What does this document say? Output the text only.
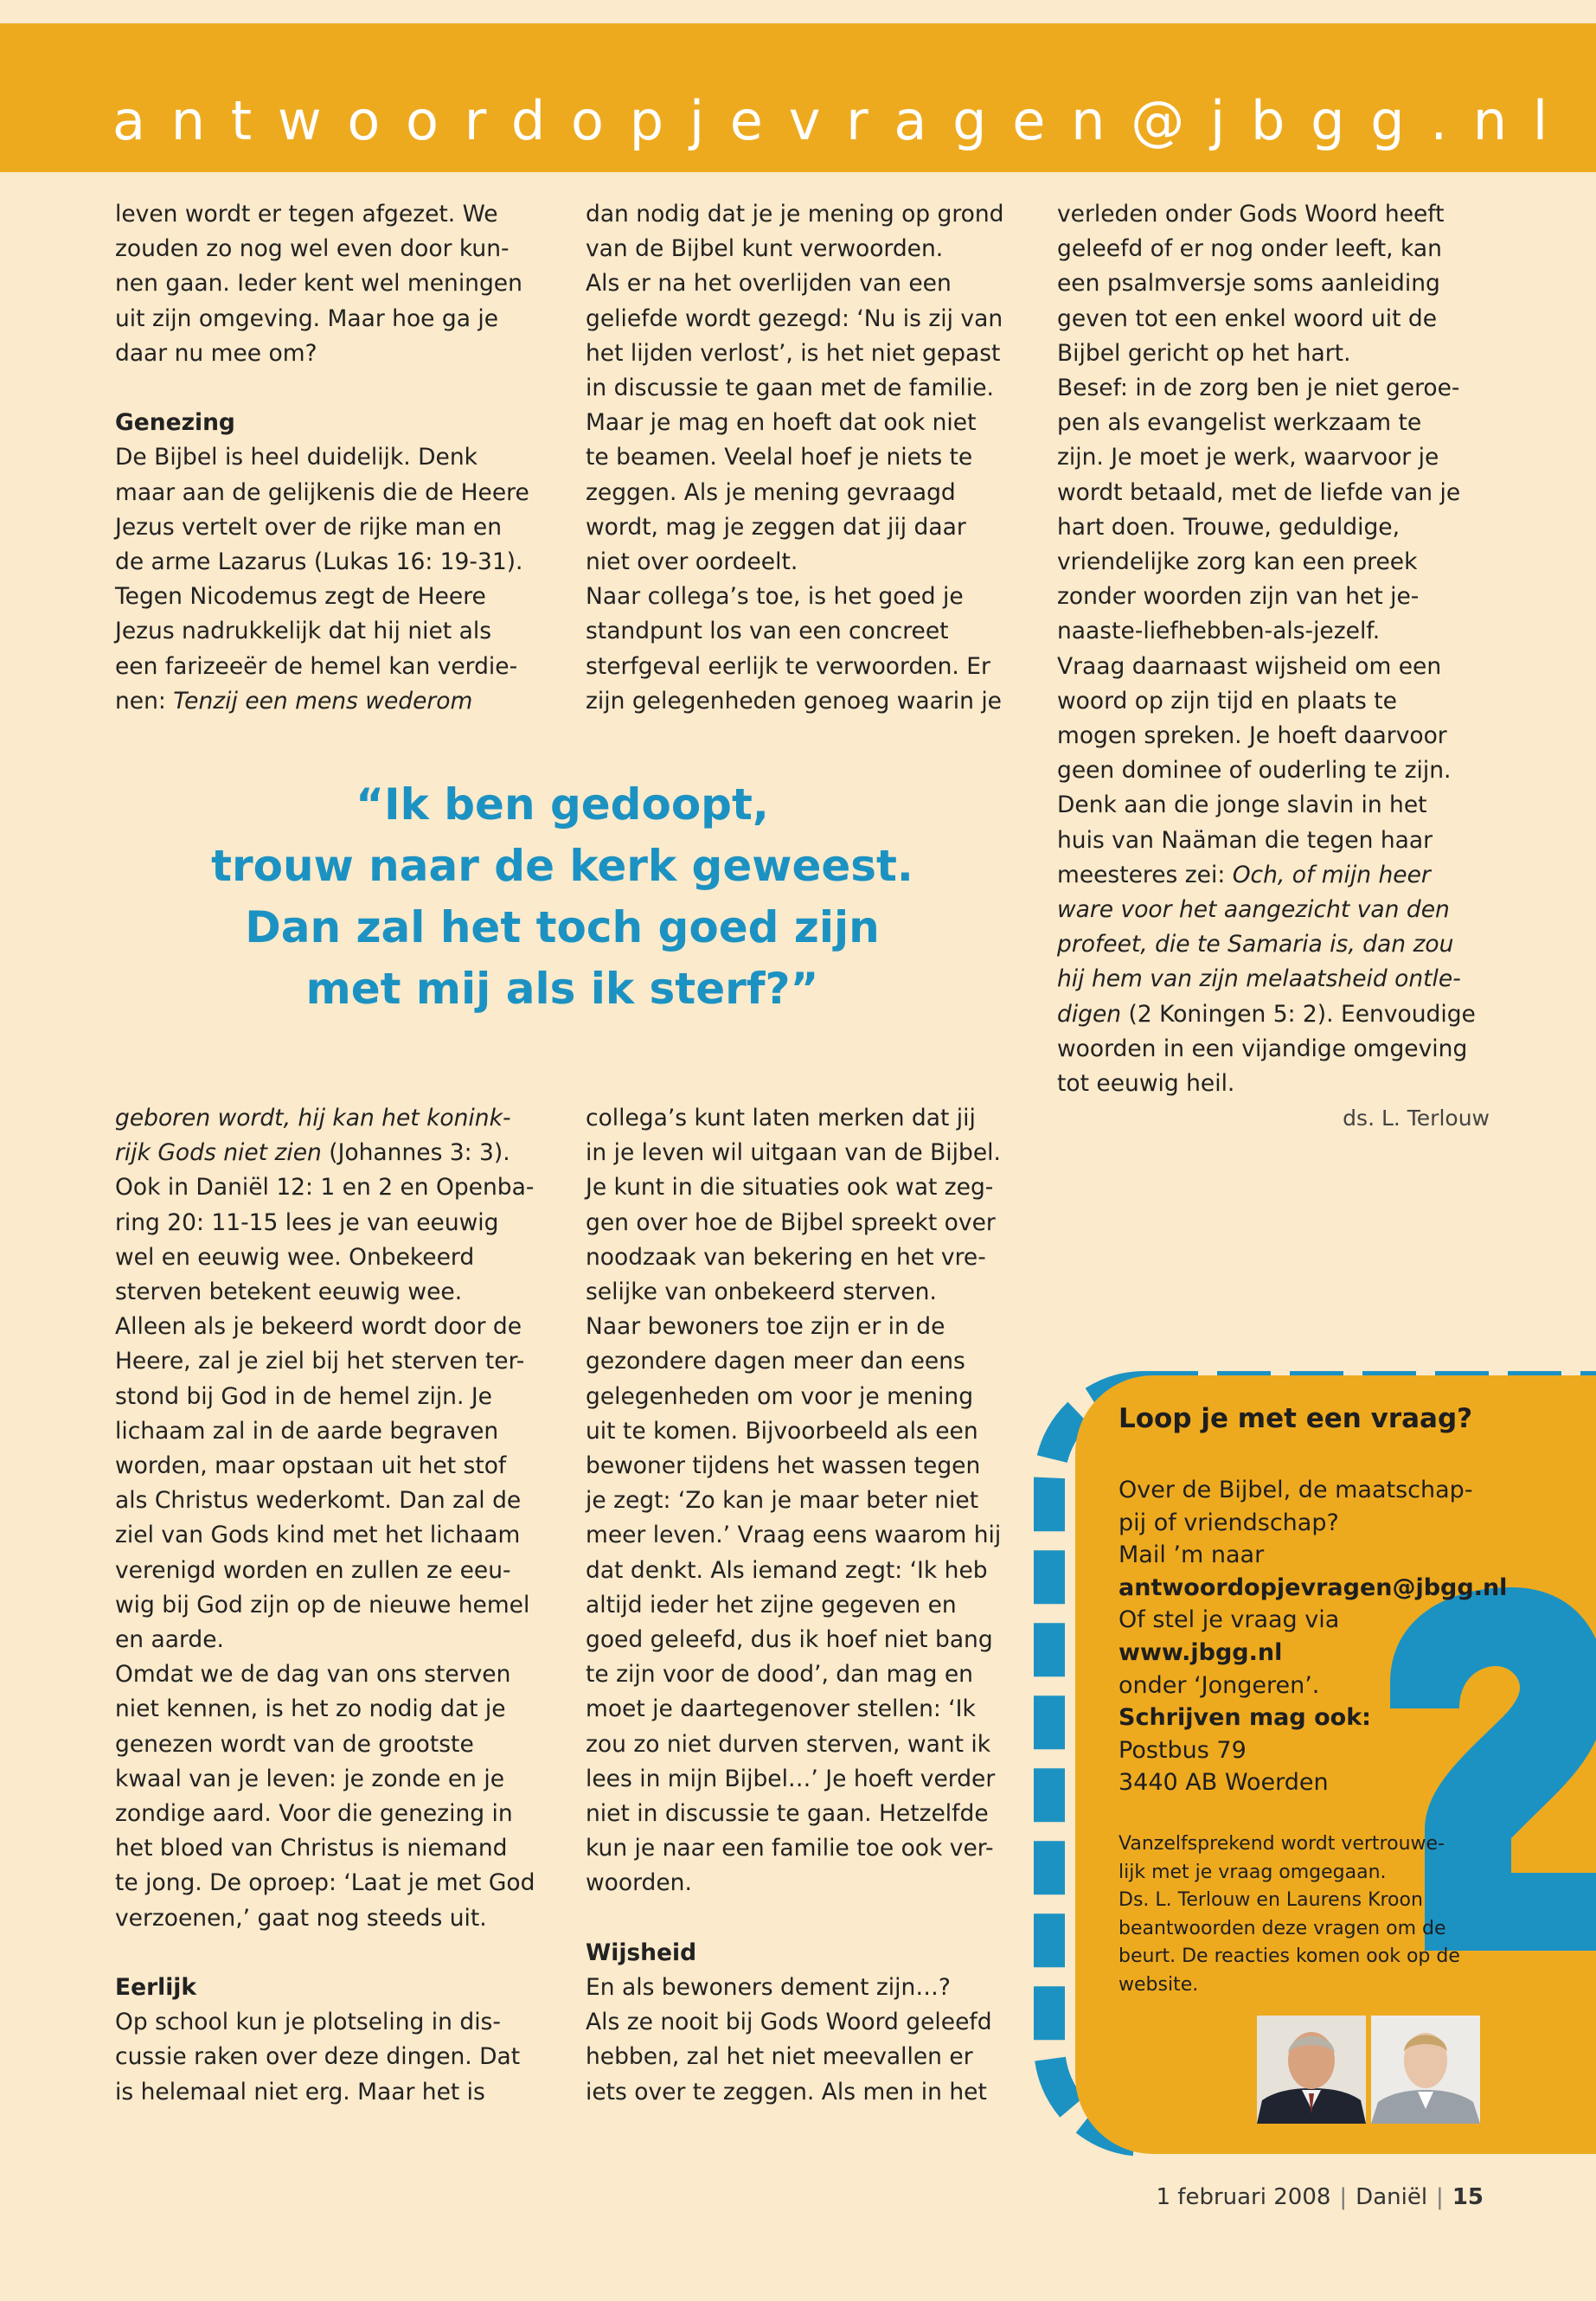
antwoordopjevragen@jbgg.nl

leven wordt er tegen afgezet. We

zouden zo nog wel even door kun-

nen gaan. Ieder kent wel meningen

uit zijn omgeving. Maar hoe ga je

daar nu mee om?

Genezing

De Bijbel is heel duidelijk. Denk

maar aan de gelijkenis die de Heere

Jezus vertelt over de rijke man en

de arme Lazarus (Lukas 16: 19-31).

Tegen Nicodemus zegt de Heere

Jezus nadrukkelijk dat hij niet als

een farizeeër de hemel kan verdie-

nen: Tenzij een mens wederom

dan nodig dat je je mening op grond

van de Bijbel kunt verwoorden.

Als er na het overlijden van een

geliefde wordt gezegd: ‘Nu is zij van

het lijden verlost’, is het niet gepast

in discussie te gaan met de familie.

Maar je mag en hoeft dat ook niet

te beamen. Veelal hoef je niets te

zeggen. Als je mening gevraagd

wordt, mag je zeggen dat jij daar

niet over oordeelt.

Naar collega’s toe, is het goed je

standpunt los van een concreet

sterfgeval eerlijk te verwoorden. Er

zijn gelegenheden genoeg waarin je

verleden onder Gods Woord heeft

geleefd of er nog onder leeft, kan

een psalmversje soms aanleiding

geven tot een enkel woord uit de

Bijbel gericht op het hart.

Besef: in de zorg ben je niet geroe-

pen als evangelist werkzaam te

zijn. Je moet je werk, waarvoor je

wordt betaald, met de liefde van je

hart doen. Trouwe, geduldige,

vriendelijke zorg kan een preek

zonder woorden zijn van het je-

naaste-liefhebben-als-jezelf.

Vraag daarnaast wijsheid om een

woord op zijn tijd en plaats te

mogen spreken. Je hoeft daarvoor

geen dominee of ouderling te zijn.

Denk aan die jonge slavin in het

huis van Naäman die tegen haar

meesteres zei: Och, of mijn heer

ware voor het aangezicht van den

profeet, die te Samaria is, dan zou

hij hem van zijn melaatsheid ontle-

digen (2 Koningen 5: 2). Eenvoudige

woorden in een vijandige omgeving

tot eeuwig heil.

ds. L. Terlouw

“Ik ben gedoopt,

trouw naar de kerk geweest.

Dan zal het toch goed zijn

met mij als ik sterf?”

geboren wordt, hij kan het konink-

rijk Gods niet zien (Johannes 3: 3).

Ook in Daniël 12: 1 en 2 en Openba-

ring 20: 11-15 lees je van eeuwig

wel en eeuwig wee. Onbekeerd

sterven betekent eeuwig wee.

Alleen als je bekeerd wordt door de

Heere, zal je ziel bij het sterven ter-

stond bij God in de hemel zijn. Je

lichaam zal in de aarde begraven

worden, maar opstaan uit het stof

als Christus wederkomt. Dan zal de

ziel van Gods kind met het lichaam

verenigd worden en zullen ze eeu-

wig bij God zijn op de nieuwe hemel

en aarde.

Omdat we de dag van ons sterven

niet kennen, is het zo nodig dat je

genezen wordt van de grootste

kwaal van je leven: je zonde en je

zondige aard. Voor die genezing in

het bloed van Christus is niemand

te jong. De oproep: ‘Laat je met God

verzoenen,’ gaat nog steeds uit.

Eerlijk

Op school kun je plotseling in dis-

cussie raken over deze dingen. Dat

is helemaal niet erg. Maar het is

collega’s kunt laten merken dat jij

in je leven wil uitgaan van de Bijbel.

Je kunt in die situaties ook wat zeg-

gen over hoe de Bijbel spreekt over

noodzaak van bekering en het vre-

selijke van onbekeerd sterven.

Naar bewoners toe zijn er in de

gezondere dagen meer dan eens

gelegenheden om voor je mening

uit te komen. Bijvoorbeeld als een

bewoner tijdens het wassen tegen

je zegt: ‘Zo kan je maar beter niet

meer leven.’ Vraag eens waarom hij

dat denkt. Als iemand zegt: ‘Ik heb

altijd ieder het zijne gegeven en

goed geleefd, dus ik hoef niet bang

te zijn voor de dood’, dan mag en

moet je daartegenover stellen: ‘Ik

zou zo niet durven sterven, want ik

lees in mijn Bijbel…’ Je hoeft verder

niet in discussie te gaan. Hetzelfde

kun je naar een familie toe ook ver-

woorden.

Wijsheid

En als bewoners dement zijn…?

Als ze nooit bij Gods Woord geleefd

hebben, zal het niet meevallen er

iets over te zeggen. Als men in het

Loop je met een vraag?

Over de Bijbel, de maatschap-

pij of vriendschap?

Mail ’m naar

antwoordopjevragen@jbgg.nl

Of stel je vraag via

www.jbgg.nl

onder ‘Jongeren’.

Schrijven mag ook:

Postbus 79

3440 AB Woerden

Vanzelfsprekend wordt vertrouwe-

lijk met je vraag omgegaan.

Ds. L. Terlouw en Laurens Kroon

beantwoorden deze vragen om de

beurt. De reacties komen ook op de

website.

1 februari 2008 | Daniël | 15
